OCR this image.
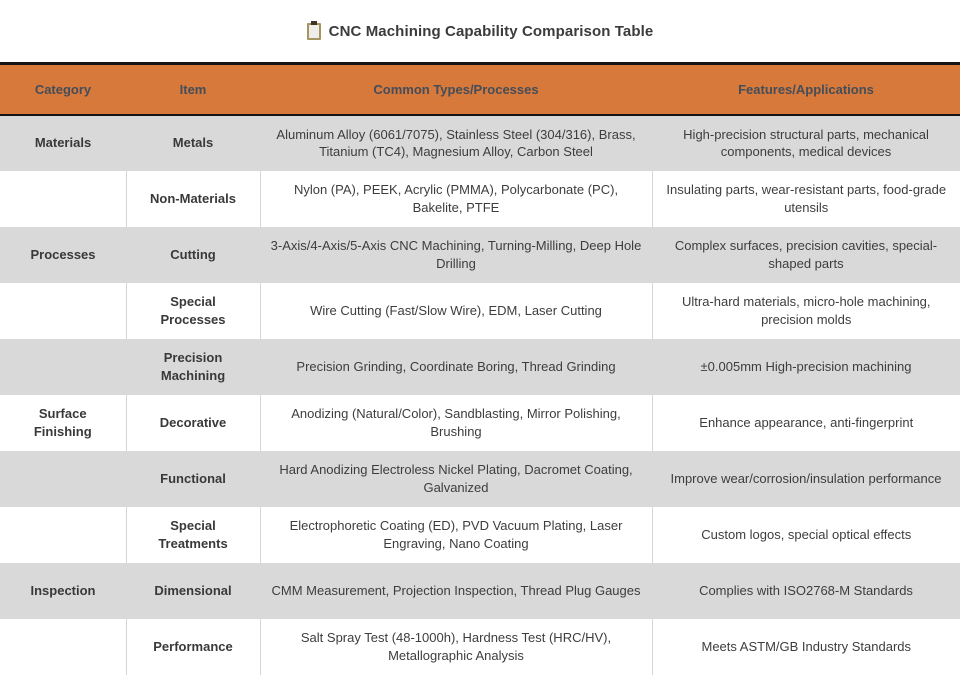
CNC Machining Capability Comparison Table
Category	Item	Common Types/Processes	Features/Applications
Materials	Metals	Aluminum Alloy (6061/7075), Stainless Steel (304/316), Brass, Titanium (TC4), Magnesium Alloy, Carbon Steel	High-precision structural parts, mechanical components, medical devices
	Non-Materials	Nylon (PA), PEEK, Acrylic (PMMA), Polycarbonate (PC), Bakelite, PTFE	Insulating parts, wear-resistant parts, food-grade utensils
Processes	Cutting	3-Axis/4-Axis/5-Axis CNC Machining, Turning-Milling, Deep Hole Drilling	Complex surfaces, precision cavities, special-shaped parts
	Special Processes	Wire Cutting (Fast/Slow Wire), EDM, Laser Cutting	Ultra-hard materials, micro-hole machining, precision molds
	Precision Machining	Precision Grinding, Coordinate Boring, Thread Grinding	±0.005mm High-precision machining
Surface Finishing	Decorative	Anodizing (Natural/Color), Sandblasting, Mirror Polishing, Brushing	Enhance appearance, anti-fingerprint
	Functional	Hard Anodizing Electroless Nickel Plating, Dacromet Coating, Galvanized	Improve wear/corrosion/insulation performance
	Special Treatments	Electrophoretic Coating (ED), PVD Vacuum Plating, Laser Engraving, Nano Coating	Custom logos, special optical effects
Inspection	Dimensional	CMM Measurement, Projection Inspection, Thread Plug Gauges	Complies with ISO2768-M Standards
	Performance	Salt Spray Test (48-1000h), Hardness Test (HRC/HV), Metallographic Analysis	Meets ASTM/GB Industry Standards
